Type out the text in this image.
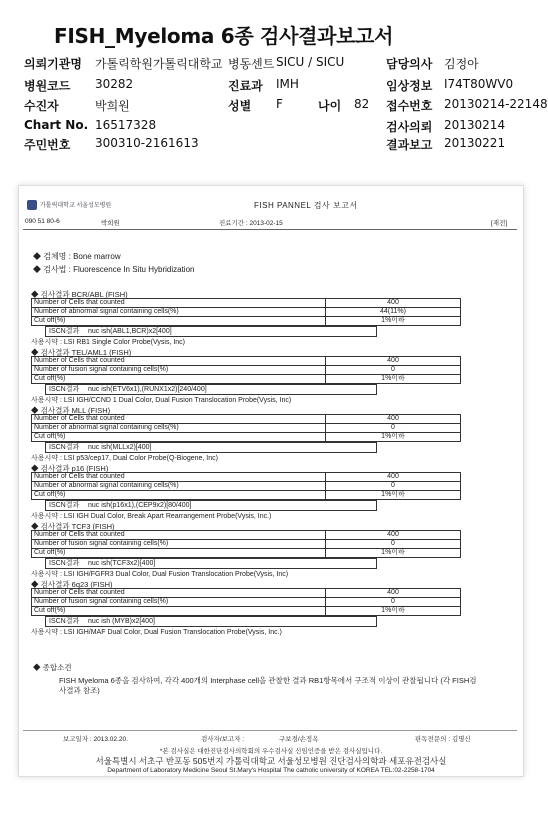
FISH_Myeloma 6종 검사결과보고서
의뢰기관명 가톨릭학원가톨릭대학교 병동센트 SICU / SICU	담당의사 김정아
병원코드 30282	진료과 IMH	임상정보 I74T80WV0
수진자	박희원	성별 F	나이 82 접수번호 20130214-22148
Chart No. 16517328	검사의뢰 20130214
주민번호 300310-2161613	결과보고 20130221
가톨릭대학교 서울성모병원	FISH PANNEL 검사 보고서
090 51 80-6	박희원	진료기간 : 2013-02-15	[재전]
◆ 검체명 : Bone marrow
◆ 검사법 : Fluorescence In Situ Hybridization
◆ 검사결과 BCR/ABL (FISH)
Number of Cells that counted	400
Number of abnormal signal containing cells(%)	44(11%)
Cut off(%)	1%이하
ISCN결과 nuc ish(ABL1,BCR)x2[400]
사용시약 : LSI RB1 Single Color Probe(Vysis, Inc)
◆ 검사결과 TEL/AML1 (FISH)
Number of Cells that counted	400
Number of fusion signal containing cells(%)	0
Cut off(%)	1%이하
ISCN결과 nuc ish(ETV6x1),(RUNX1x2)[240/400]
사용시약 : LSI IGH/CCND 1 Dual Color, Dual Fusion Translocation Probe(Vysis, Inc)
◆ 검사결과 MLL (FISH)
Number of Cells that counted	400
Number of abnormal signal containing cells(%)	0
Cut off(%)	1%이하
ISCN결과 nuc ish(MLLx2)[400]
사용시약 : LSI p53/cep17, Dual Color Probe(Q-Biogene, Inc)
◆ 검사결과 p16 (FISH)
Number of Cells that counted	400
Number of abnormal signal containing cells(%)	0
Cut off(%)	1%이하
ISCN결과 nuc ish(p16x1),(CEP9x2)[80/400]
사용시약 : LSI IGH Dual Color, Break Apart Rearrangement Probe(Vysis, Inc.)
◆ 검사결과 TCF3 (FISH)
Number of Cells that counted	400
Number of fusion signal containing cells(%)	0
Cut off(%)	1%이하
ISCN결과 nuc ish(TCF3x2)[400]
사용시약 : LSI IGH/FGFR3 Dual Color, Dual Fusion Translocation Probe(Vysis, Inc)
◆ 검사결과 6q23 (FISH)
Number of Cells that counted	400
Number of fusion signal containing cells(%)	0
Cut off(%)	1%이하
ISCN결과 nuc ish (MYB)x2[400]
사용시약 : LSI IGH/MAF Dual Color, Dual Fusion Translocation Probe(Vysis, Inc.)
◆ 종합소견
FISH Myeloma 6종을 검사하여, 각각 400개의 Interphase cell을 관찰한 결과 RB1항목에서 구조적 이상이 관찰됩니다 (각 FISH검사결과 참조)
보고일자 : 2013.02.20.	검사자/보고자 :	구보경/손정옥	판독전문의 : 김명신
*본 검사실은 대한진단검사의학회의 우수검사실 신임인증을 받은 검사실입니다.
서울특별시 서초구 반포동 505번지 가톨릭대학교 서울성모병원 진단검사의학과 세포유전검사실
Department of Laboratory Medicine Seoul St.Mary's Hospital The catholic university of KOREA TEL:02-2258-1704
